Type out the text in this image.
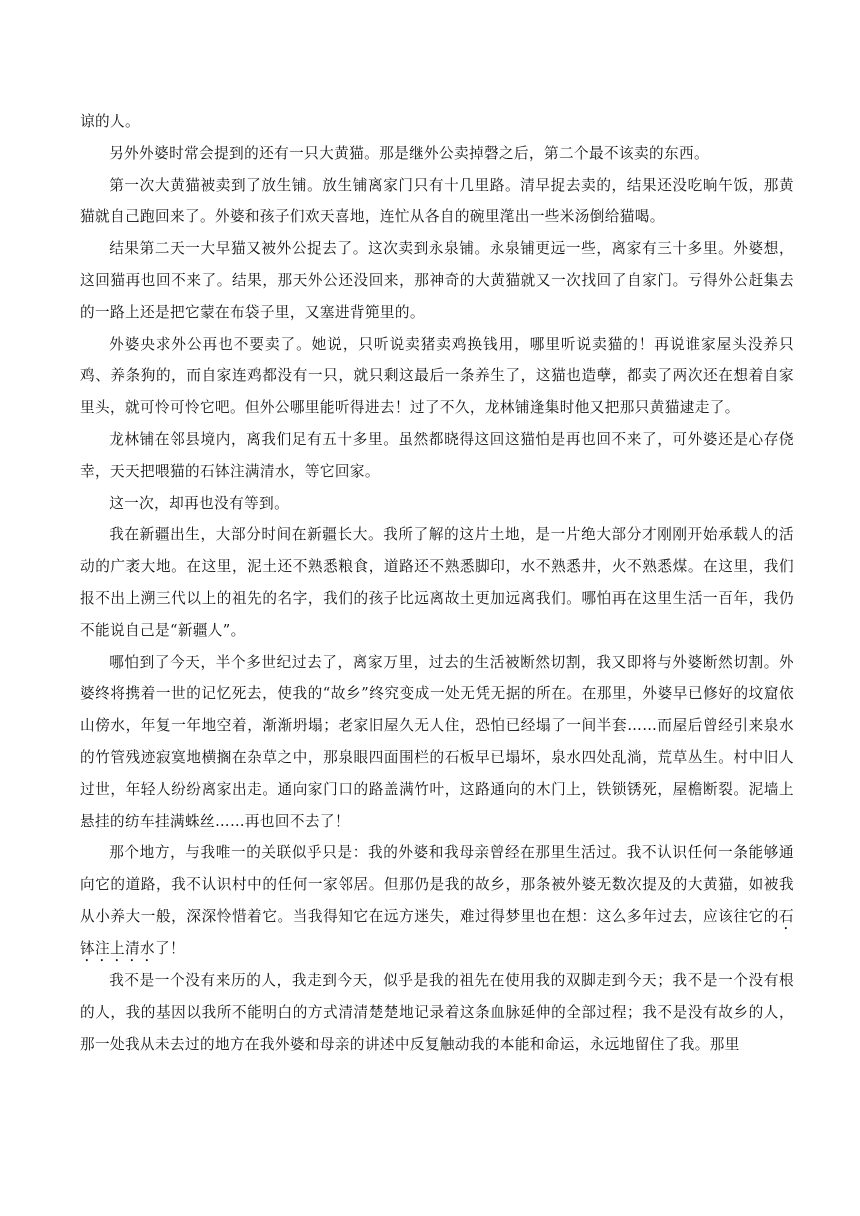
谅的人。

另外外婆时常会提到的还有一只大黄猫。那是继外公卖掉磬之后，第二个最不该卖的东西。

第一次大黄猫被卖到了放生铺。放生铺离家门只有十几里路。清早捉去卖的，结果还没吃晌午饭，那黄猫就自己跑回来了。外婆和孩子们欢天喜地，连忙从各自的碗里滗出一些米汤倒给猫喝。

结果第二天一大早猫又被外公捉去了。这次卖到永泉铺。永泉铺更远一些，离家有三十多里。外婆想，这回猫再也回不来了。结果，那天外公还没回来，那神奇的大黄猫就又一次找回了自家门。亏得外公赶集去的一路上还是把它蒙在布袋子里，又塞进背篼里的。

外婆央求外公再也不要卖了。她说，只听说卖猪卖鸡换钱用，哪里听说卖猫的！再说谁家屋头没养只鸡、养条狗的，而自家连鸡都没有一只，就只剩这最后一条养生了，这猫也造孽，都卖了两次还在想着自家里头，就可怜可怜它吧。但外公哪里能听得进去！过了不久，龙林铺逢集时他又把那只黄猫逮走了。

龙林铺在邻县境内，离我们足有五十多里。虽然都晓得这回这猫怕是再也回不来了，可外婆还是心存侥幸，天天把喂猫的石钵注满清水，等它回家。

这一次，却再也没有等到。

我在新疆出生，大部分时间在新疆长大。我所了解的这片土地，是一片绝大部分才刚刚开始承载人的活动的广袤大地。在这里，泥土还不熟悉粮食，道路还不熟悉脚印，水不熟悉井，火不熟悉煤。在这里，我们报不出上溯三代以上的祖先的名字，我们的孩子比远离故土更加远离我们。哪怕再在这里生活一百年，我仍不能说自己是“新疆人”。

哪怕到了今天，半个多世纪过去了，离家万里，过去的生活被断然切割，我又即将与外婆断然切割。外婆终将携着一世的记忆死去，使我的“故乡”终究变成一处无凭无据的所在。在那里，外婆早已修好的坟窟依山傍水，年复一年地空着，渐渐坍塌；老家旧屋久无人住，恐怕已经塌了一间半套……而屋后曾经引来泉水的竹管残迹寂寞地横搁在杂草之中，那泉眼四面围栏的石板早已塌坏，泉水四处乱淌，荒草丛生。村中旧人过世，年轻人纷纷离家出走。通向家门口的路盖满竹叶，这路通向的木门上，铁锁锈死，屋檐断裂。泥墙上悬挂的纺车挂满蛛丝……再也回不去了！

那个地方，与我唯一的关联似乎只是：我的外婆和我母亲曾经在那里生活过。我不认识任何一条能够通向它的道路，我不认识村中的任何一家邻居。但那仍是我的故乡，那条被外婆无数次提及的大黄猫，如被我从小养大一般，深深怜惜着它。当我得知它在远方迷失，难过得梦里也在想：这么多年过去，应该往它的石钵注上清水了！

我不是一个没有来历的人，我走到今天，似乎是我的祖先在使用我的双脚走到今天；我不是一个没有根的人，我的基因以我所不能明白的方式清清楚楚地记录着这条血脉延伸的全部过程；我不是没有故乡的人，那一处我从未去过的地方在我外婆和母亲的讲述中反复触动我的本能和命运，永远地留住了我。那里
